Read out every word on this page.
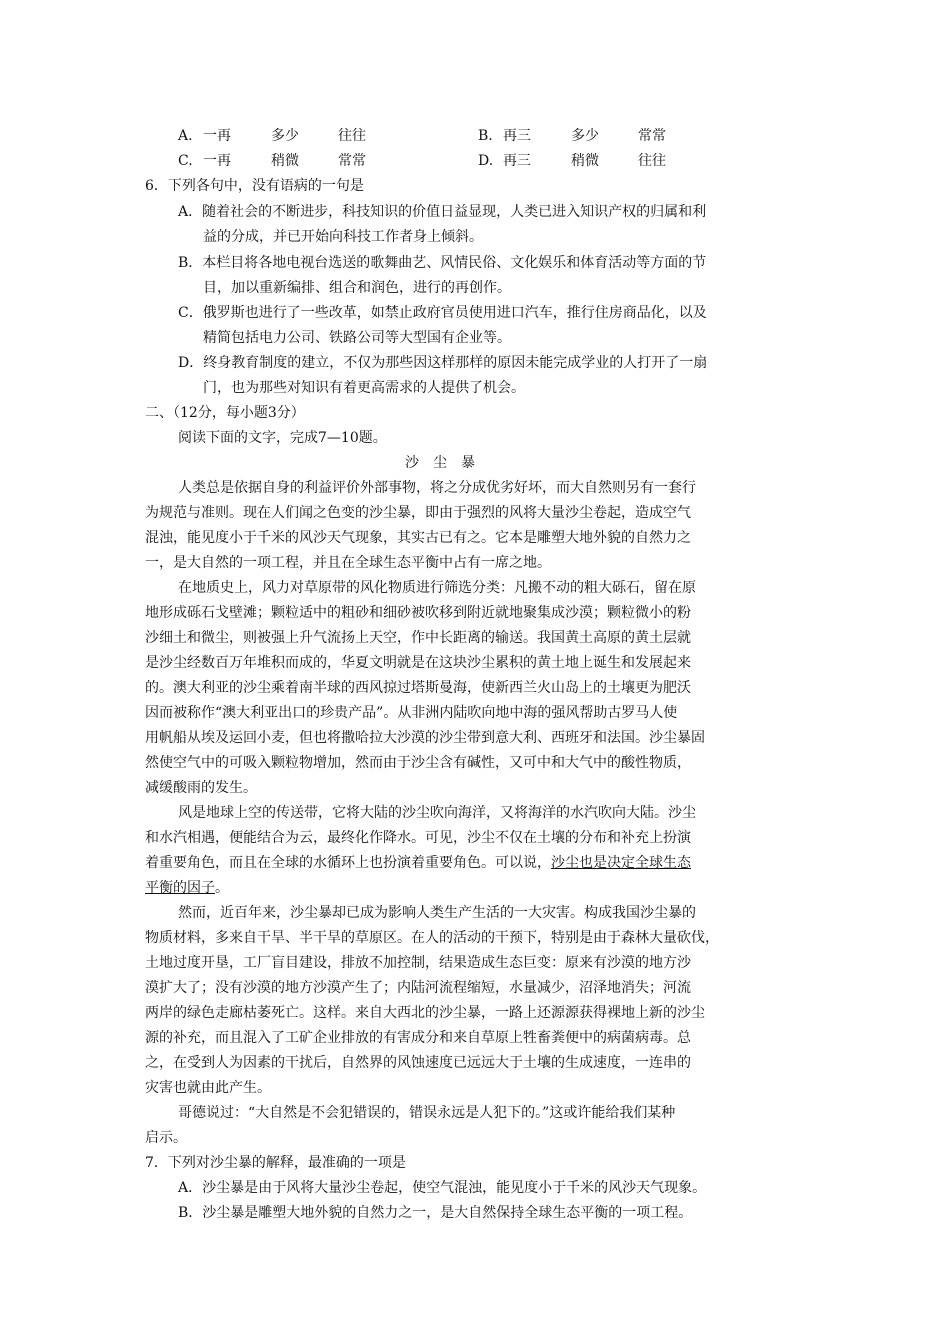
A. 一再	多少	往往	B. 再三	多少	常常
C. 一再	稍微	常常	D. 再三	稍微	往往
6．下列各句中，没有语病的一句是
A．随着社会的不断进步，科技知识的价值日益显现，人类已进入知识产权的归属和利
益的分成，并已开始向科技工作者身上倾斜。
B．本栏目将各地电视台选送的歌舞曲艺、风情民俗、文化娱乐和体育活动等方面的节
目，加以重新编排、组合和润色，进行的再创作。
C．俄罗斯也进行了一些改革，如禁止政府官员使用进口汽车，推行住房商品化，以及
精简包括电力公司、铁路公司等大型国有企业等。
D．终身教育制度的建立，不仅为那些因这样那样的原因未能完成学业的人打开了一扇
门，也为那些对知识有着更高需求的人提供了机会。
二、（12分，每小题3分）
阅读下面的文字，完成7—10题。
沙尘暴
人类总是依据自身的利益评价外部事物，将之分成优劣好坏，而大自然则另有一套行
为规范与准则。现在人们闻之色变的沙尘暴，即由于强烈的风将大量沙尘卷起，造成空气
混浊，能见度小于千米的风沙天气现象，其实古已有之。它本是雕塑大地外貌的自然力之
一，是大自然的一项工程，并且在全球生态平衡中占有一席之地。
在地质史上，风力对草原带的风化物质进行筛选分类：凡搬不动的粗大砾石，留在原
地形成砾石戈壁滩；颗粒适中的粗砂和细砂被吹移到附近就地聚集成沙漠；颗粒微小的粉
沙细土和微尘，则被强上升气流扬上天空，作中长距离的输送。我国黄土高原的黄土层就
是沙尘经数百万年堆积而成的，华夏文明就是在这块沙尘累积的黄土地上诞生和发展起来
的。澳大利亚的沙尘乘着南半球的西风掠过塔斯曼海，使新西兰火山岛上的土壤更为肥沃
因而被称作“澳大利亚出口的珍贵产品”。从非洲内陆吹向地中海的强风帮助古罗马人使
用帆船从埃及运回小麦，但也将撒哈拉大沙漠的沙尘带到意大利、西班牙和法国。沙尘暴固
然使空气中的可吸入颗粒物增加，然而由于沙尘含有碱性，又可中和大气中的酸性物质，
减缓酸雨的发生。
风是地球上空的传送带，它将大陆的沙尘吹向海洋，又将海洋的水汽吹向大陆。沙尘
和水汽相遇，便能结合为云，最终化作降水。可见，沙尘不仅在土壤的分布和补充上扮演
着重要角色，而且在全球的水循环上也扮演着重要角色。可以说，沙尘也是决定全球生态
平衡的因子。
然而，近百年来，沙尘暴却已成为影响人类生产生活的一大灾害。构成我国沙尘暴的
物质材料，多来自干旱、半干旱的草原区。在人的活动的干预下，特别是由于森林大量砍伐，
土地过度开垦，工厂盲目建设，排放不加控制，结果造成生态巨变：原来有沙漠的地方沙
漠扩大了；没有沙漠的地方沙漠产生了；内陆河流程缩短，水量减少，沼泽地消失；河流
两岸的绿色走廊枯萎死亡。这样。来自大西北的沙尘暴，一路上还源源获得裸地上新的沙尘
源的补充，而且混入了工矿企业排放的有害成分和来自草原上牲畜粪便中的病菌病毒。总
之，在受到人为因素的干扰后，自然界的风蚀速度已远远大于土壤的生成速度，一连串的
灾害也就由此产生。
哥德说过：“大自然是不会犯错误的，错误永远是人犯下的。”这或许能给我们某种
启示。
7．下列对沙尘暴的解释，最准确的一项是
A．沙尘暴是由于风将大量沙尘卷起，使空气混浊，能见度小于千米的风沙天气现象。
B．沙尘暴是雕塑大地外貌的自然力之一，是大自然保持全球生态平衡的一项工程。
